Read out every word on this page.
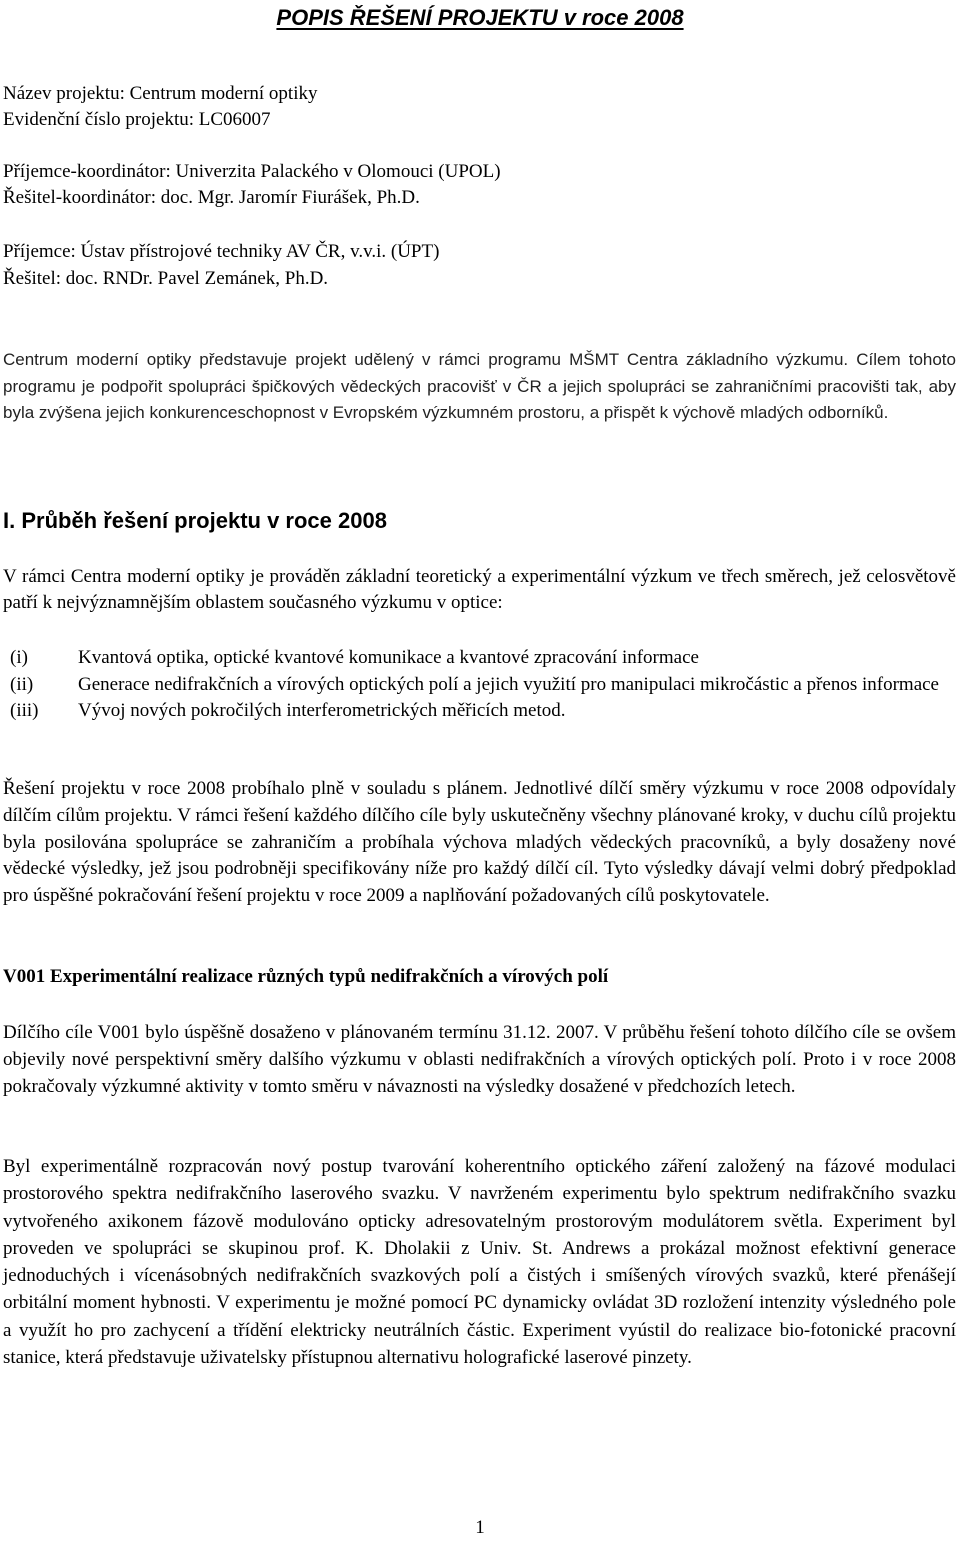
POPIS ŘEŠENÍ PROJEKTU v roce 2008
Název projektu: Centrum moderní optiky
Evidenční číslo projektu: LC06007
Příjemce-koordinátor: Univerzita Palackého v Olomouci (UPOL)
Řešitel-koordinátor: doc. Mgr. Jaromír Fiurášek, Ph.D.
Příjemce: Ústav přístrojové techniky AV ČR, v.v.i. (ÚPT)
Řešitel: doc. RNDr. Pavel Zemánek, Ph.D.
Centrum moderní optiky představuje projekt udělený v rámci programu MŠMT Centra základního výzkumu. Cílem tohoto programu je podpořit spolupráci špičkových vědeckých pracovišť v ČR a jejich spolupráci se zahraničními pracovišti tak, aby byla zvýšena jejich konkurenceschopnost v Evropském výzkumném prostoru, a přispět k výchově mladých odborníků.
I. Průběh řešení projektu v roce 2008
V rámci Centra moderní optiky je prováděn základní teoretický a experimentální výzkum ve třech směrech, jež celosvětově patří k nejvýznamnějším oblastem současného výzkumu v optice:
(i)	Kvantová optika, optické kvantové komunikace a kvantové zpracování informace
(ii)	Generace nedifrakčních a vírových optických polí a jejich využití pro manipulaci mikročástic a přenos informace
(iii)	Vývoj nových pokročilých interferometrických měřicích metod.
Řešení projektu v roce 2008 probíhalo plně v souladu s plánem. Jednotlivé dílčí směry výzkumu v roce 2008 odpovídaly dílčím cílům projektu. V rámci řešení každého dílčího cíle byly uskutečněny všechny plánované kroky, v duchu cílů projektu byla posilována spolupráce se zahraničím a probíhala výchova mladých vědeckých pracovníků, a byly dosaženy nové vědecké výsledky, jež jsou podrobněji specifikovány níže pro každý dílčí cíl. Tyto výsledky dávají velmi dobrý předpoklad pro úspěšné pokračování řešení projektu v roce 2009 a naplňování požadovaných cílů poskytovatele.
V001 Experimentální realizace různých typů nedifrakčních a vírových polí
Dílčího cíle V001 bylo úspěšně dosaženo v plánovaném termínu 31.12. 2007. V průběhu řešení tohoto dílčího cíle se ovšem objevily nové perspektivní směry dalšího výzkumu v oblasti nedifrakčních a vírových optických polí. Proto i v roce 2008 pokračovaly výzkumné aktivity v tomto směru v návaznosti na výsledky dosažené v předchozích letech.
Byl experimentálně rozpracován nový postup tvarování koherentního optického záření založený na fázové modulaci prostorového spektra nedifrakčního laserového svazku. V navrženém experimentu bylo spektrum nedifrakčního svazku vytvořeného axikonem fázově modulováno opticky adresovatelným prostorovým modulátorem světla. Experiment byl proveden ve spolupráci se skupinou prof. K. Dholakii z Univ. St. Andrews a prokázal možnost efektivní generace jednoduchých i vícenásobných nedifrakčních svazkových polí a čistých i smíšených vírových svazků, které přenášejí orbitální moment hybnosti. V experimentu je možné pomocí PC dynamicky ovládat 3D rozložení intenzity výsledného pole a využít ho pro zachycení a třídění elektricky neutrálních částic. Experiment vyústil do realizace bio-fotonické pracovní stanice, která představuje uživatelsky přístupnou alternativu holografické laserové pinzety.
1
